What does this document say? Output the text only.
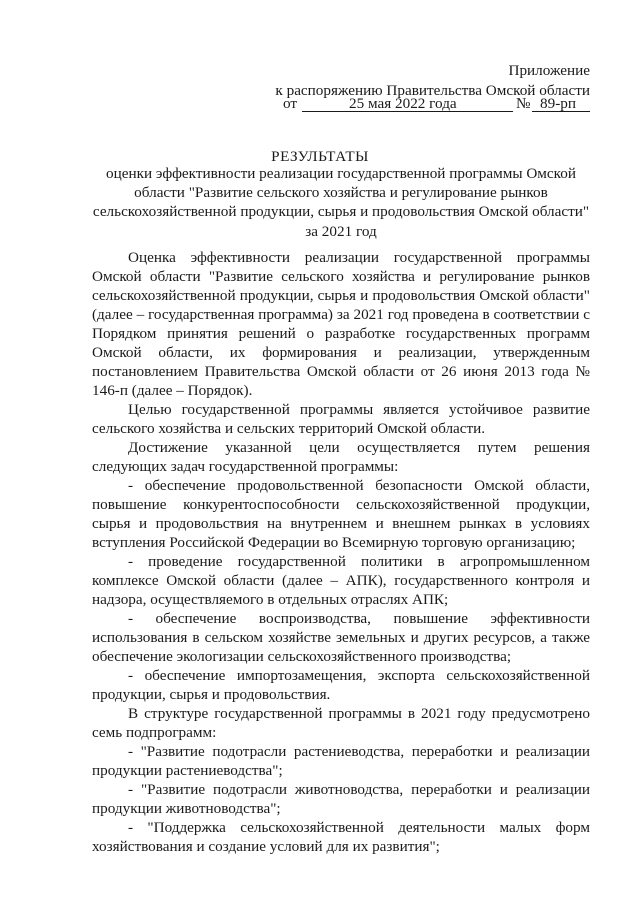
Приложение
к распоряжению Правительства Омской области
от	25 мая 2022 года	№ 89-рп
РЕЗУЛЬТАТЫ
оценки эффективности реализации государственной программы Омской области "Развитие сельского хозяйства и регулирование рынков сельскохозяйственной продукции, сырья и продовольствия Омской области" за 2021 год

Оценка эффективности реализации государственной программы Омской области "Развитие сельского хозяйства и регулирование рынков сельскохозяйственной продукции, сырья и продовольствия Омской области" (далее – государственная программа) за 2021 год проведена в соответствии с Порядком принятия решений о разработке государственных программ Омской области, их формирования и реализации, утвержденным постановлением Правительства Омской области от 26 июня 2013 года № 146-п (далее – Порядок).

Целью государственной программы является устойчивое развитие сельского хозяйства и сельских территорий Омской области.

Достижение указанной цели осуществляется путем решения следующих задач государственной программы:

- обеспечение продовольственной безопасности Омской области, повышение конкурентоспособности сельскохозяйственной продукции, сырья и продовольствия на внутреннем и внешнем рынках в условиях вступления Российской Федерации во Всемирную торговую организацию;

- проведение государственной политики в агропромышленном комплексе Омской области (далее – АПК), государственного контроля и надзора, осуществляемого в отдельных отраслях АПК;

- обеспечение воспроизводства, повышение эффективности использования в сельском хозяйстве земельных и других ресурсов, а также обеспечение экологизации сельскохозяйственного производства;

- обеспечение импортозамещения, экспорта сельскохозяйственной продукции, сырья и продовольствия.

В структуре государственной программы в 2021 году предусмотрено семь подпрограмм:

- "Развитие подотрасли растениеводства, переработки и реализации продукции растениеводства";

- "Развитие подотрасли животноводства, переработки и реализации продукции животноводства";

- "Поддержка сельскохозяйственной деятельности малых форм хозяйствования и создание условий для их развития";
